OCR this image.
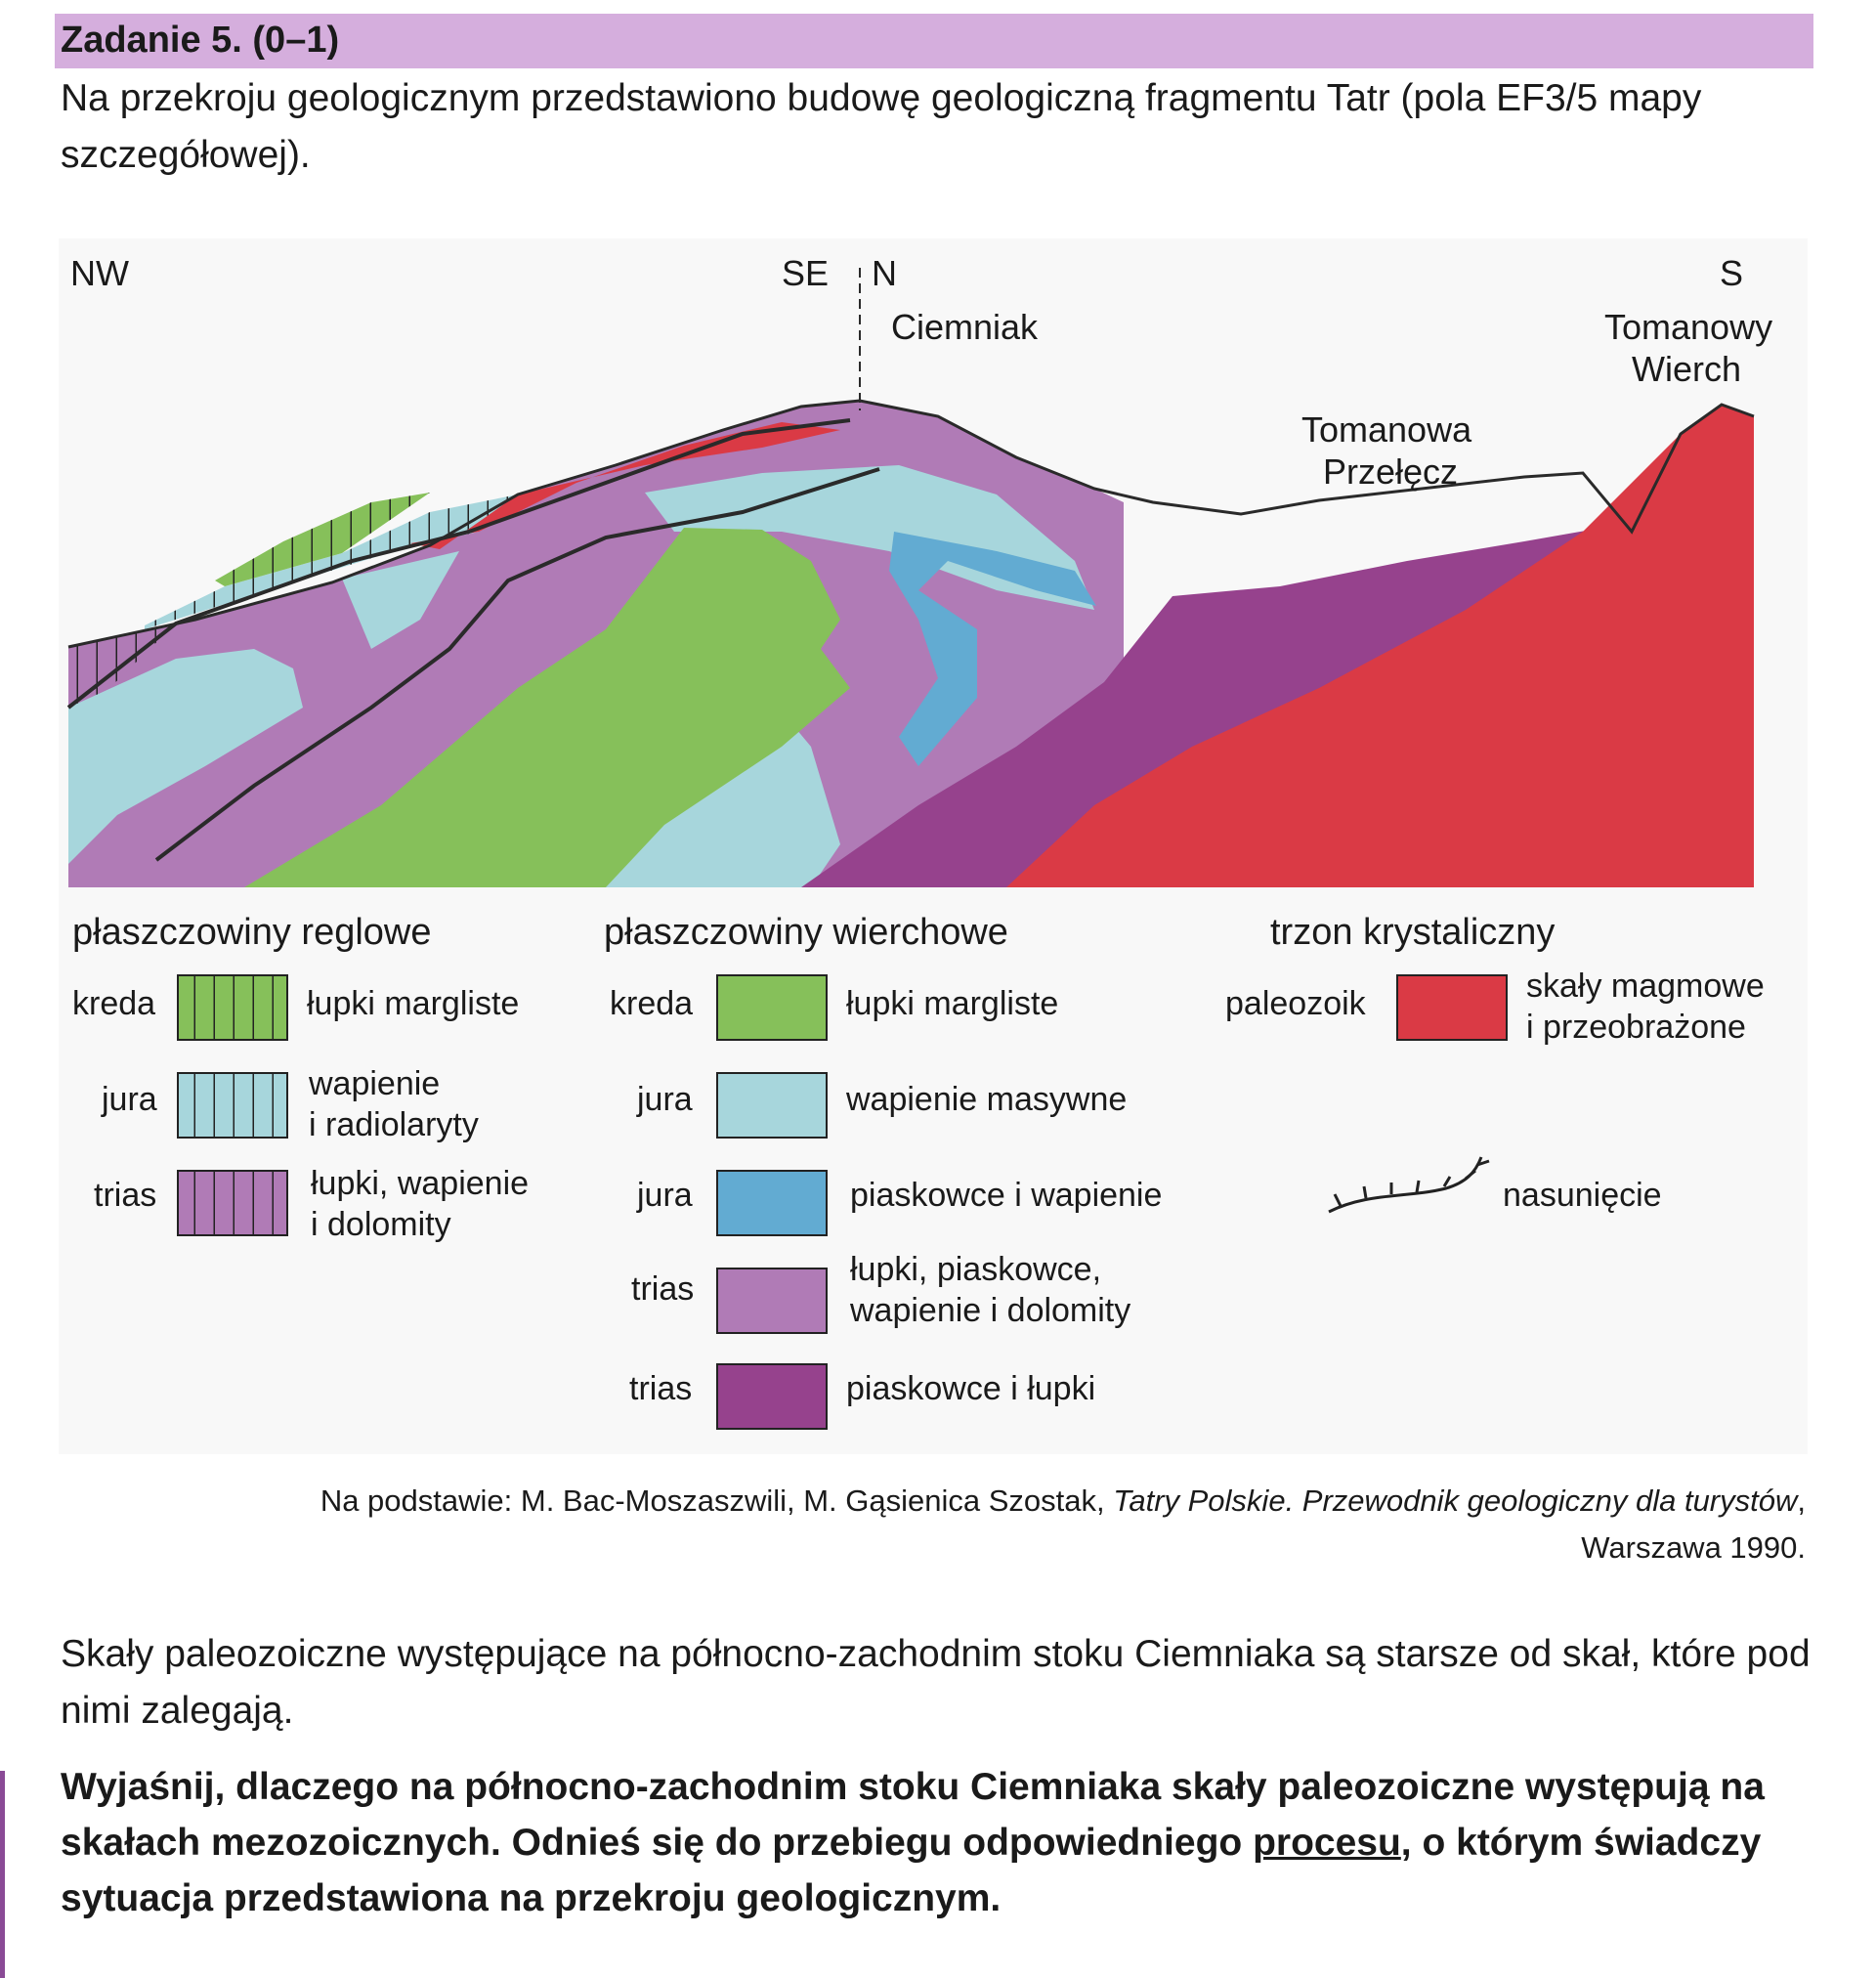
Zadanie 5. (0–1)
Na przekroju geologicznym przedstawiono budowę geologiczną fragmentu Tatr (pola EF3/5 mapy szczegółowej).
NW	SE N	S
Ciemniak	Tomanowy
Wierch
Tomanowa
Przełęcz
płaszczowiny reglowe
kreda	łupki margliste
jura	wapienie
i radiolaryty
trias	łupki, wapienie
i dolomity
płaszczowiny wierchowe
kreda	łupki margliste
jura	wapienie masywne
jura	piaskowce i wapienie
trias
łupki, piaskowce,
wapienie i dolomity
trias	piaskowce i łupki
trzon krystaliczny
paleozoik	skały magmowe
i przeobrażone
nasunięcie
Na podstawie: M. Bac-Moszaszwili, M. Gąsienica Szostak, Tatry Polskie. Przewodnik geologiczny dla turystów,
Warszawa 1990.
Skały paleozoiczne występujące na północno-zachodnim stoku Ciemniaka są starsze od skał, które pod nimi zalegają.
Wyjaśnij, dlaczego na północno-zachodnim stoku Ciemniaka skały paleozoiczne występują na skałach mezozoicznych. Odnieś się do przebiegu odpowiedniego procesu, o którym świadczy sytuacja przedstawiona na przekroju geologicznym.
